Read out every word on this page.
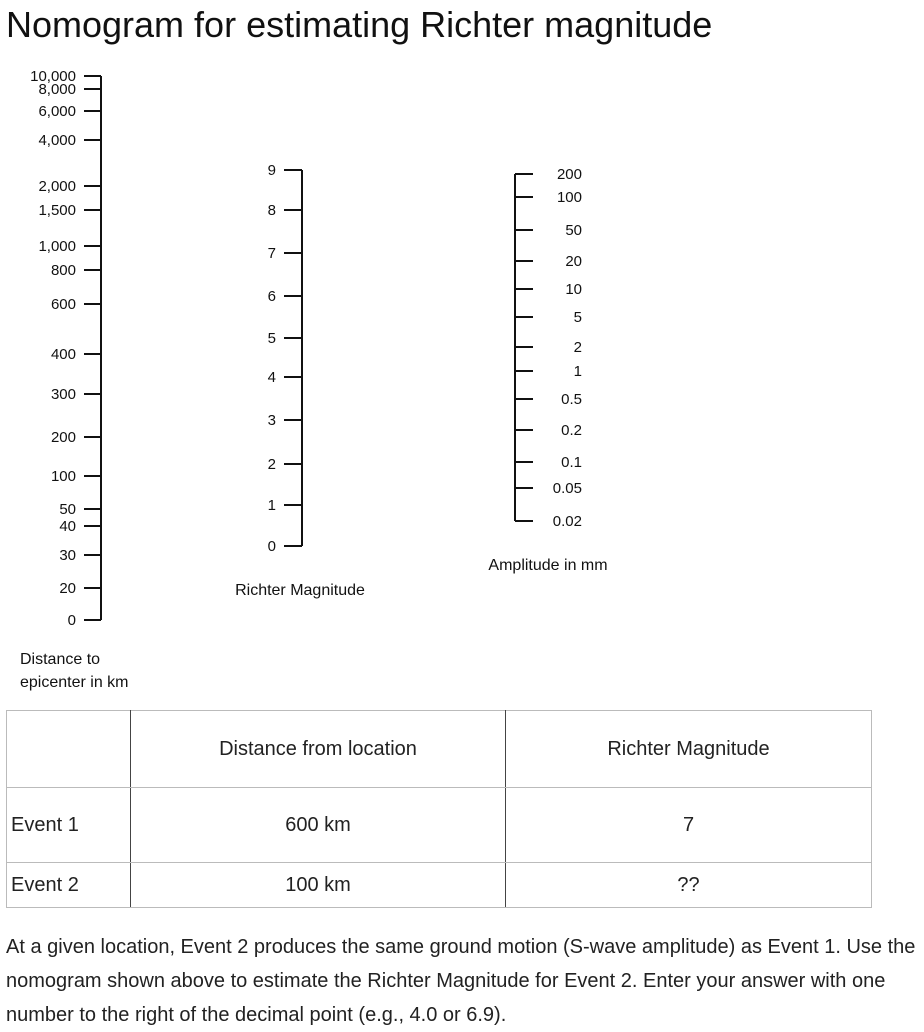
Nomogram for estimating Richter magnitude
10,000
8,000
6,000
4,000
2,000
1,500
1,000
800
600
400
300
200
100
50
40
30
20
0
Distance to
epicenter in km
9
8
7
6
5
4
3
2
1
0
Richter Magnitude
200
100
50
20
10
5
2
1
0.5
0.2
0.1
0.05
0.02
Amplitude in mm
	Distance from location	Richter Magnitude
Event 1	600 km	7
Event 2	100 km	??
At a given location, Event 2 produces the same ground motion (S-wave amplitude) as Event 1. Use the nomogram shown above to estimate the Richter Magnitude for Event 2. Enter your answer with one number to the right of the decimal point (e.g., 4.0 or 6.9).
